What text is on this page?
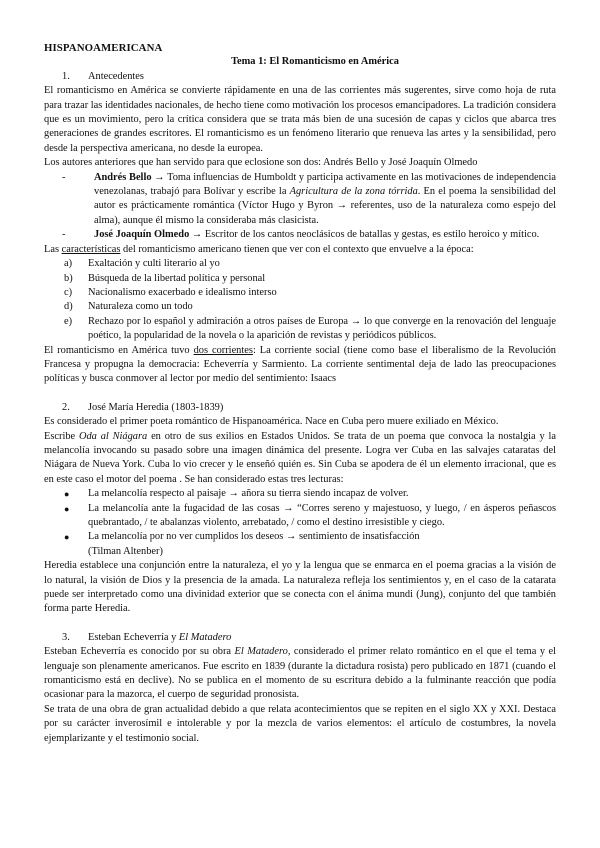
HISPANOAMERICANA

Tema 1: El Romanticismo en América

1.	Antecedentes

El romanticismo en América se convierte rápidamente en una de las corrientes más sugerentes, sirve como hoja de ruta para trazar las identidades nacionales, de hecho tiene como motivación los procesos emancipadores. La tradición considera que es un movimiento, pero la crítica considera que se trata más bien de una sucesión de capas y ciclos que abarca tres generaciones de grandes escritores. El romanticismo es un fenómeno literario que renueva las artes y la sensibilidad, pero desde la perspectiva americana, no desde la europea.

Los autores anteriores que han servido para que eclosione son dos: Andrés Bello y José Joaquín Olmedo

-	Andrés Bello → Toma influencias de Humboldt y participa activamente en las motivaciones de independencia venezolanas, trabajó para Bolívar y escribe la Agricultura de la zona tórrida. En el poema la sensibilidad del autor es prácticamente romántica (Víctor Hugo y Byron → referentes, uso de la naturaleza como espejo del alma), aunque él mismo la consideraba más clasicista.
-	José Joaquín Olmedo → Escritor de los cantos neoclásicos de batallas y gestas, es estilo heroico y mítico.

Las características del romanticismo americano tienen que ver con el contexto que envuelve a la época:

a)	Exaltación y culti literario al yo
b)	Búsqueda de la libertad política y personal
c)	Nacionalismo exacerbado e idealismo interso
d)	Naturaleza como un todo
e)	Rechazo por lo español y admiración a otros países de Europa → lo que converge en la renovación del lenguaje poético, la popularidad de la novela o la aparición de revistas y periódicos públicos.

El romanticismo en América tuvo dos corrientes: La corriente social (tiene como base el liberalismo de la Revolución Francesa y propugna la democracia: Echeverría y Sarmiento. La corriente sentimental deja de lado las preocupaciones políticas y busca conmover al lector por medio del sentimiento: Isaacs

2.	José María Heredia (1803-1839)

Es considerado el primer poeta romántico de Hispanoamérica. Nace en Cuba pero muere exiliado en México.

Escribe Oda al Niágara en otro de sus exilios en Estados Unidos. Se trata de un poema que convoca la nostalgia y la melancolía invocando su pasado sobre una imagen dinámica del presente. Logra ver Cuba en las salvajes cataratas del Niágara de Nueva York. Cuba lo vio crecer y le enseñó quién es. Sin Cuba se apodera de él un elemento irracional, que es en este caso el motor del poema . Se han considerado estas tres lecturas:

●	La melancolía respecto al paisaje → añora su tierra siendo incapaz de volver.
●	La melancolía ante la fugacidad de las cosas → “Corres sereno y majestuoso, y luego, / en ásperos peñascos quebrantado, / te abalanzas violento, arrebatado, / como el destino irresistible y ciego.
●	La melancolía por no ver cumplidos los deseos → sentimiento de insatisfacción
(Tilman Altenber)

Heredia establece una conjunción entre la naturaleza, el yo y la lengua que se enmarca en el poema gracias a la visión de lo natural, la visión de Dios y la presencia de la amada. La naturaleza refleja los sentimientos y, en el caso de la catarata puede ser interpretado como una divinidad exterior que se conecta con el ánima mundi (Jung), conjunto del que también forma parte Heredia.

3.	Esteban Echeverría y El Matadero

Esteban Echeverría es conocido por su obra El Matadero, considerado el primer relato romántico en el que el tema y el lenguaje son plenamente americanos. Fue escrito en 1839 (durante la dictadura rosista) pero publicado en 1871 (cuando el romanticismo está en declive). No se publica en el momento de su escritura debido a la fulminante reacción que podía ocasionar para la mazorca, el cuerpo de seguridad pronosista.

Se trata de una obra de gran actualidad debido a que relata acontecimientos que se repiten en el siglo XX y XXI. Destaca por su carácter inverosímil e intolerable y por la mezcla de varios elementos: el artículo de costumbres, la novela ejemplarizante y el testimonio social.
